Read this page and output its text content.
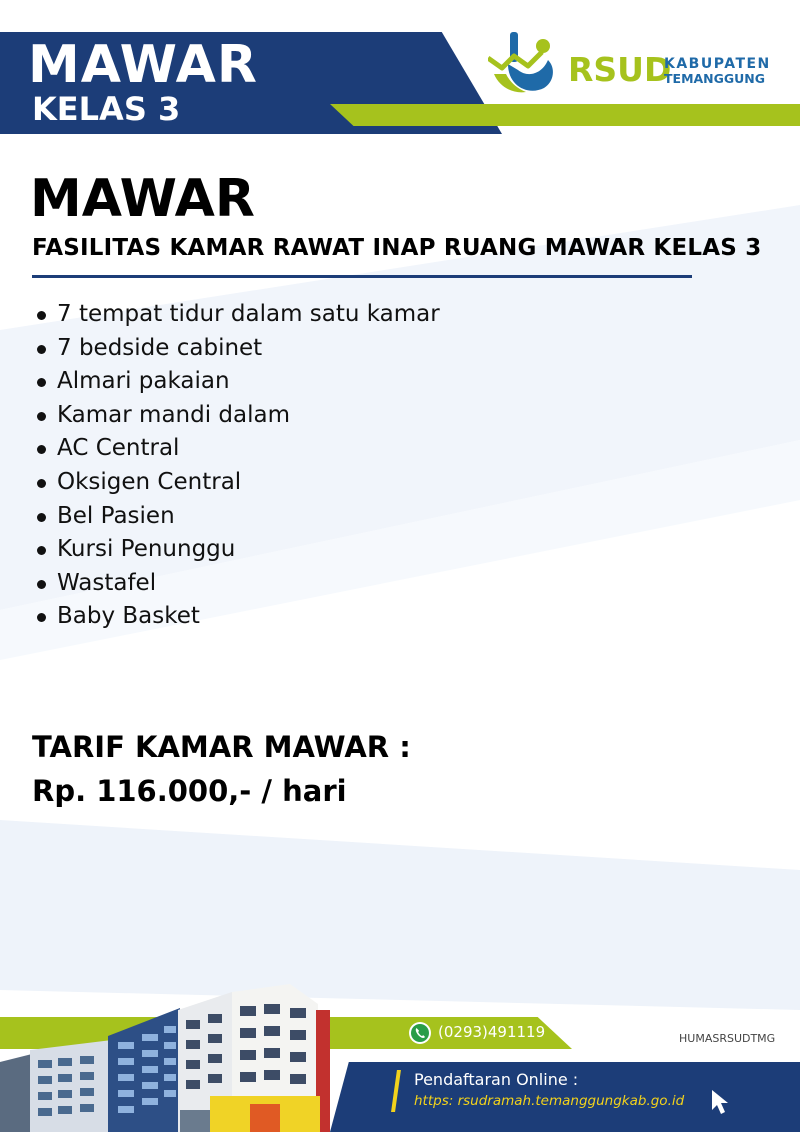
MAWAR
KELAS 3
RSUD
KABUPATEN
TEMANGGUNG
MAWAR
FASILITAS KAMAR RAWAT INAP RUANG MAWAR KELAS 3
7 tempat tidur dalam satu kamar
7 bedside cabinet
Almari pakaian
Kamar mandi dalam
AC Central
Oksigen Central
Bel Pasien
Kursi Penunggu
Wastafel
Baby Basket
TARIF KAMAR MAWAR :
Rp. 116.000,- / hari
(0293)491119	HUMASRSUDTMG
Pendaftaran Online :
https: rsudramah.temanggungkab.go.id
